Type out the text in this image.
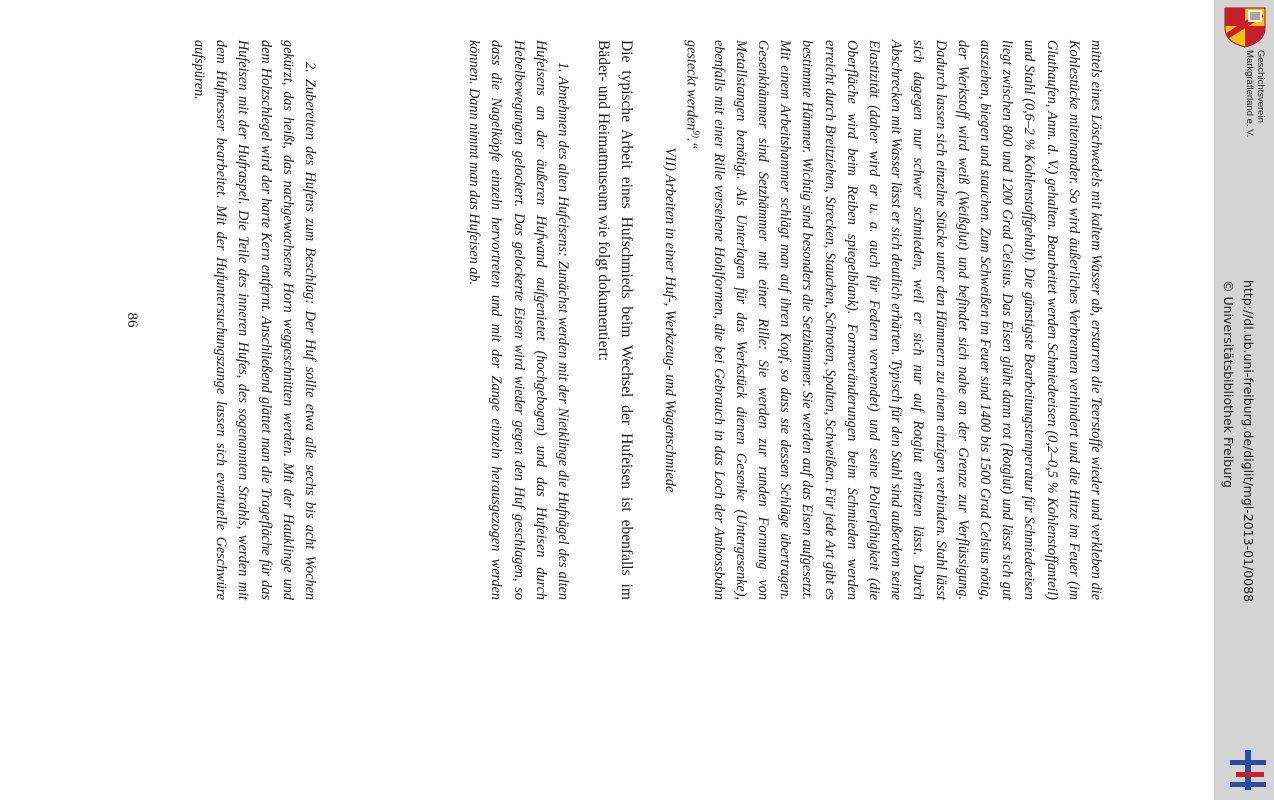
mittels eines Löschwedels mit kaltem Wasser ab, erstarren die Teerstoffe wieder und verkleben die Kohlestücke miteinander. So wird äußerliches Verbrennen verhindert und die Hitze im Feuer (im Gluthaufen, Anm. d. V.) gehalten. Bearbeitet werden Schmiedeeisen (0,2–0,5 % Kohlenstoffanteil) und Stahl (0,6–2 % Kohlenstoffgehalt). Die günstigste Bearbeitungstemperatur für Schmiedeeisen liegt zwischen 800 und 1200 Grad Celsius. Das Eisen glüht dann rot (Rotglut) und lässt sich gut ausziehen, biegen und stauchen. Zum Schweißen im Feuer sind 1400 bis 1500 Grad Celsius nötig, der Werkstoff wird weiß (Weißglut) und befindet sich nahe an der Grenze zur Verflüssigung. Dadurch lassen sich einzelne Stücke unter den Hämmern zu einem einzigen verbinden. Stahl lässt sich dagegen nur schwer schmieden, weil er sich nur auf Rotglut erhitzen lässt. Durch Abschrecken mit Wasser lässt er sich deutlich erhärten. Typisch für den Stahl sind außerdem seine Elastizität (daher wird er u. a. auch für Federn verwendet) und seine Polierfähigkeit (die Oberfläche wird beim Reiben spiegelblank). Formveränderungen beim Schmieden werden erreicht durch Breitziehen, Strecken, Stauchen, Schroten, Spalten, Schweißen. Für jede Art gibt es bestimmte Hämmer. Wichtig sind besonders die Setzhämmer. Sie werden auf das Eisen aufgesetzt. Mit einem Arbeitshammer schlägt man auf ihren Kopf, so dass sie dessen Schläge übertragen. Gesenkhämmer sind Setzhämmer mit einer Rille: Sie werden zur runden Formung von Metallstangen benötigt. Als Unterlagen für das Werkstück dienen Gesenke (Untergesenke), ebenfalls mit einer Rille versehene Hohlformen, die bei Gebrauch in das Loch der Ambossbahn gesteckt werden$^{9)}$.“
VII) Arbeiten in einer Huf-, Werkzeug- und Wagenschmiede
Die typische Arbeit eines Hufschmieds beim Wechsel der Hufeisen ist ebenfalls im Bäder- und Heimatmuseum wie folgt dokumentiert:
1. Abnehmen des alten Hufeisens: Zunächst werden mit der Nietklinge die Hufnägel des alten Hufeisens an der äußeren Hufwand aufgenietet (hochgebogen) und das Hufeisen durch Hebelbewegungen gelockert. Das gelockerte Eisen wird wieder gegen den Huf geschlagen, so dass die Nagelköpfe einzeln hervortreten und mit der Zange einzeln herausgezogen werden können. Dann nimmt man das Hufeisen ab.
2. Zubereiten des Hufens zum Beschlag: Der Huf sollte etwa alle sechs bis acht Wochen gekürzt, das heißt, das nachgewachsene Horn weggeschnitten werden. Mit der Hauklinge und dem Holzschlegel wird der harte Kern entfernt. Anschließend glättet man die Tragefläche für das Hufeisen mit der Hufraspel. Die Teile des inneren Hufes, des sogenannten Strahls, werden mit dem Hufmesser bearbeitet. Mit der Hufuntersuchungszange lassen sich eventuelle Geschwüre aufspüren.
86
Geschichtsverein
Markgräflerland e. V.
http://dl.ub.uni-freiburg.de/diglit/mgl-2013-01/0088
© Universitätsbibliothek Freiburg
